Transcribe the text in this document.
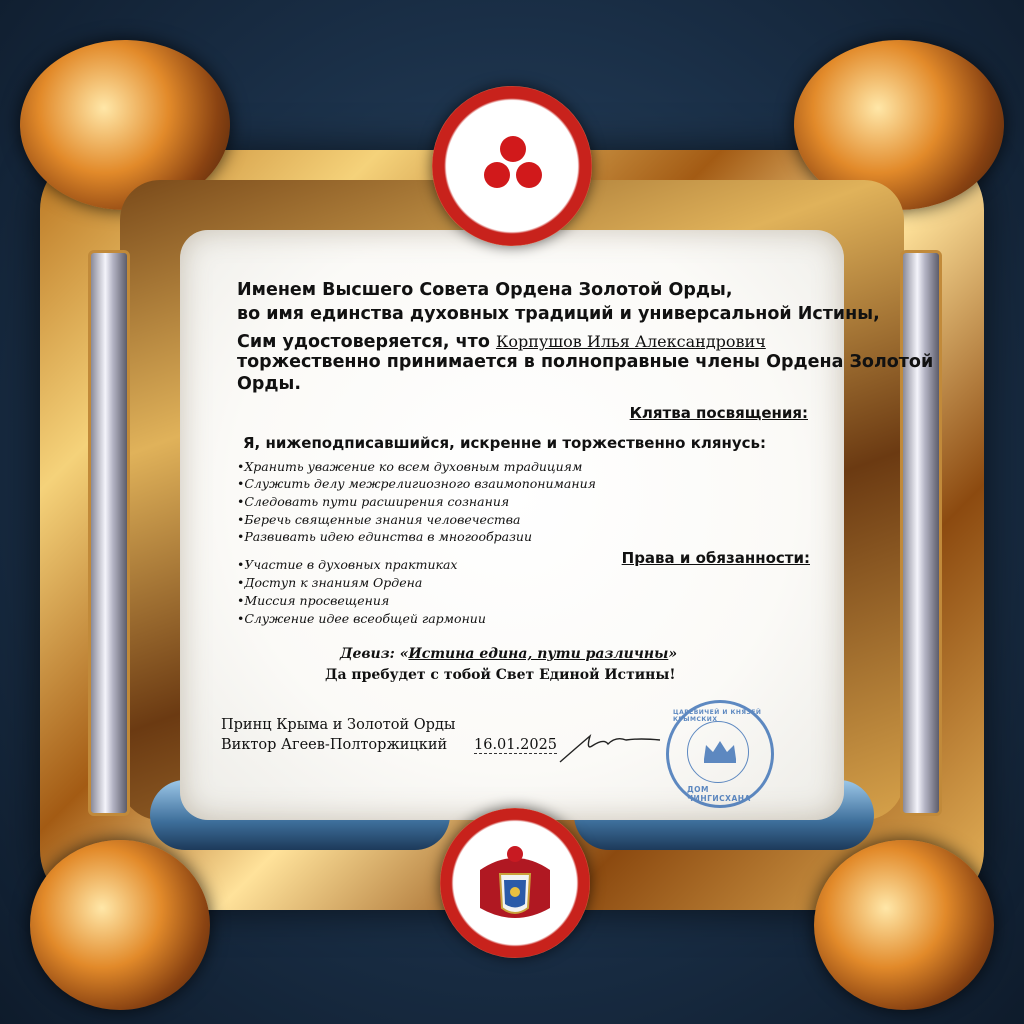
Именем Высшего Совета Ордена Золотой Орды,
во имя единства духовных традиций и универсальной Истины,
Сим удостоверяется, что Корпушов Илья Александрович
торжественно принимается в полноправные члены Ордена Золотой
Орды.
Клятва посвящения:
Я, нижеподписавшийся, искренне и торжественно клянусь:
•Хранить уважение ко всем духовным традициям
•Служить делу межрелигиозного взаимопонимания
•Следовать пути расширения сознания
•Беречь священные знания человечества
•Развивать идею единства в многообразии
Права и обязанности:
•Участие в духовных практиках
•Доступ к знаниям Ордена
•Миссия просвещения
•Служение идее всеобщей гармонии
Девиз: «Истина едина, пути различны»
Да пребудет с тобой Свет Единой Истины!
Принц Крыма и Золотой Орды
Виктор Агеев-Полторжицкий 16.01.2025
ЦАРЕВИЧЕЙ И КНЯЗЕЙ КРЫМСКИХ
ДОМ ЧИНГИСХАНА
